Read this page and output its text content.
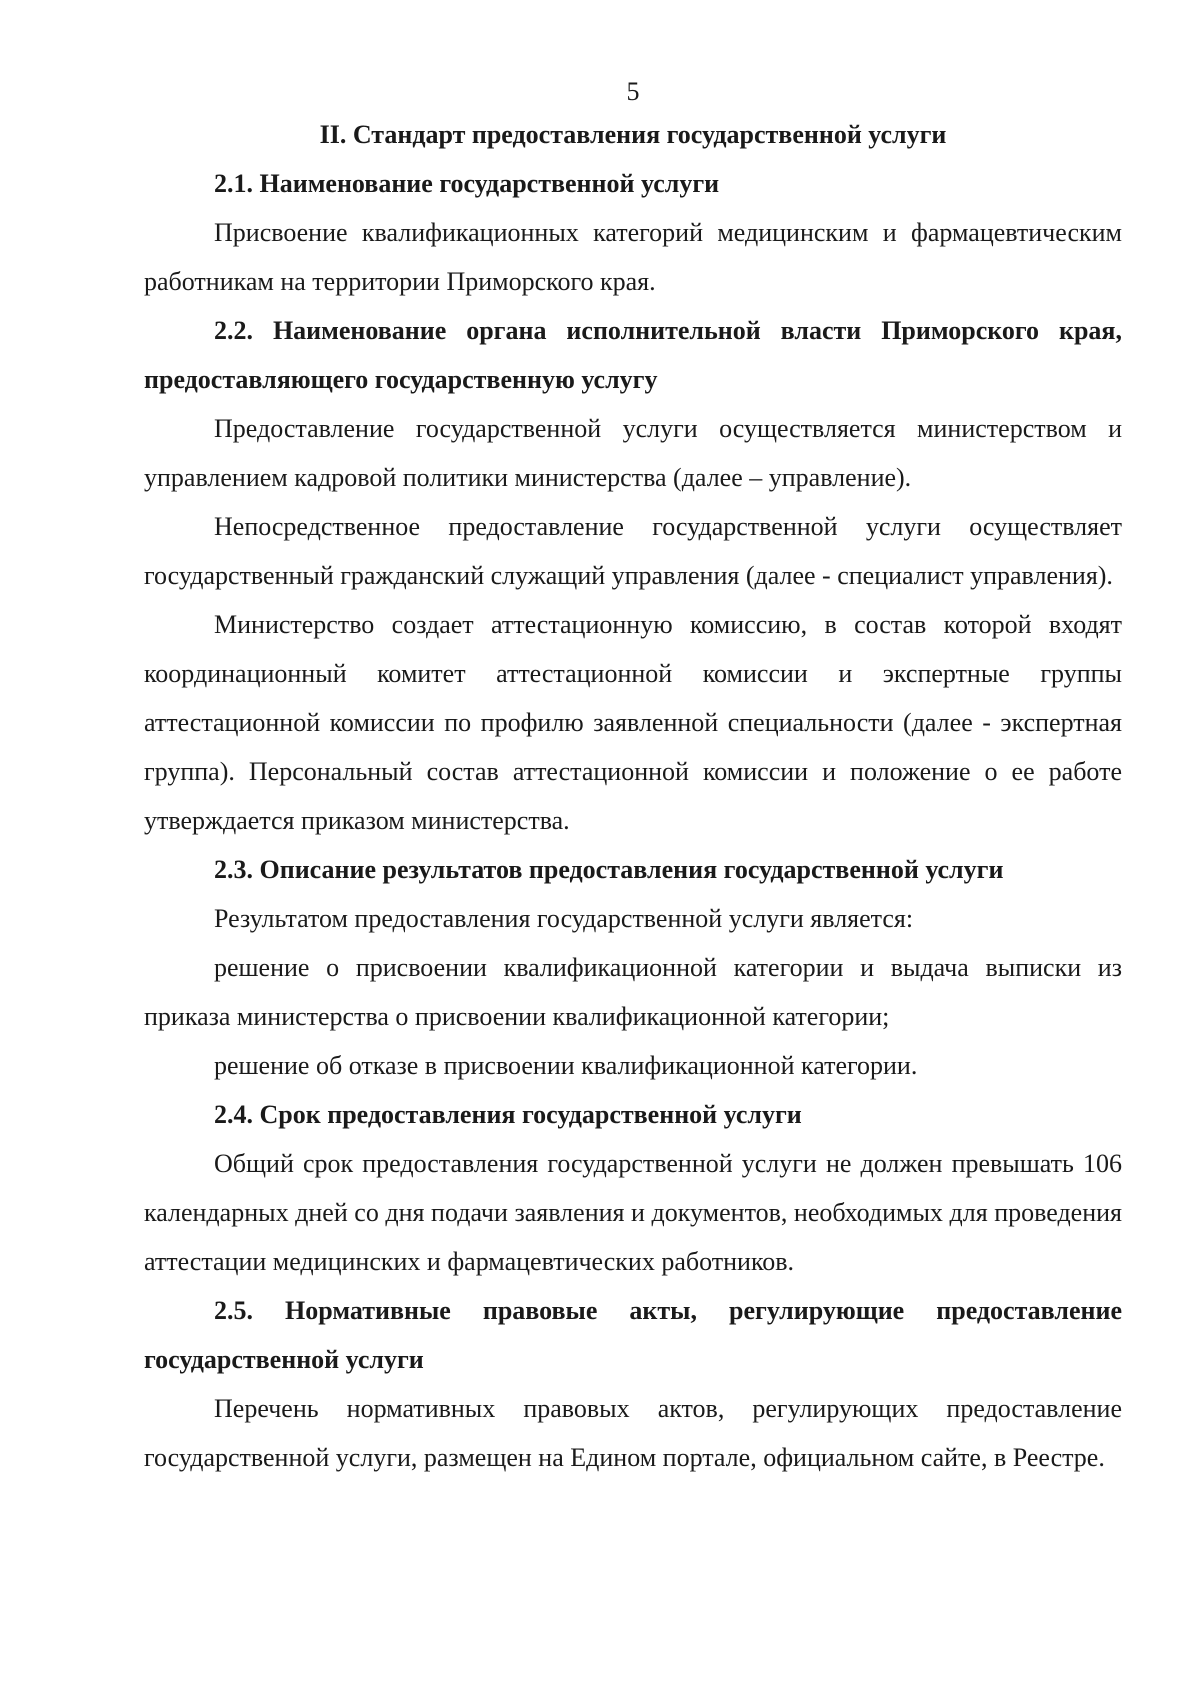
5

II. Стандарт предоставления государственной услуги

2.1. Наименование государственной услуги

Присвоение квалификационных категорий медицинским и фармацевтическим работникам на территории Приморского края.

2.2. Наименование органа исполнительной власти Приморского края, предоставляющего государственную услугу

Предоставление государственной услуги осуществляется министерством и управлением кадровой политики министерства (далее – управление).

Непосредственное предоставление государственной услуги осуществляет государственный гражданский служащий управления (далее - специалист управления).

Министерство создает аттестационную комиссию, в состав которой входят координационный комитет аттестационной комиссии и экспертные группы аттестационной комиссии по профилю заявленной специальности (далее - экспертная группа). Персональный состав аттестационной комиссии и положение о ее работе утверждается приказом министерства.

2.3. Описание результатов предоставления государственной услуги

Результатом предоставления государственной услуги является:

решение о присвоении квалификационной категории и выдача выписки из приказа министерства о присвоении квалификационной категории;

решение об отказе в присвоении квалификационной категории.

2.4. Срок предоставления государственной услуги

Общий срок предоставления государственной услуги не должен превышать 106 календарных дней со дня подачи заявления и документов, необходимых для проведения аттестации медицинских и фармацевтических работников.

2.5. Нормативные правовые акты, регулирующие предоставление государственной услуги

Перечень нормативных правовых актов, регулирующих предоставление государственной услуги, размещен на Едином портале, официальном сайте, в Реестре.
